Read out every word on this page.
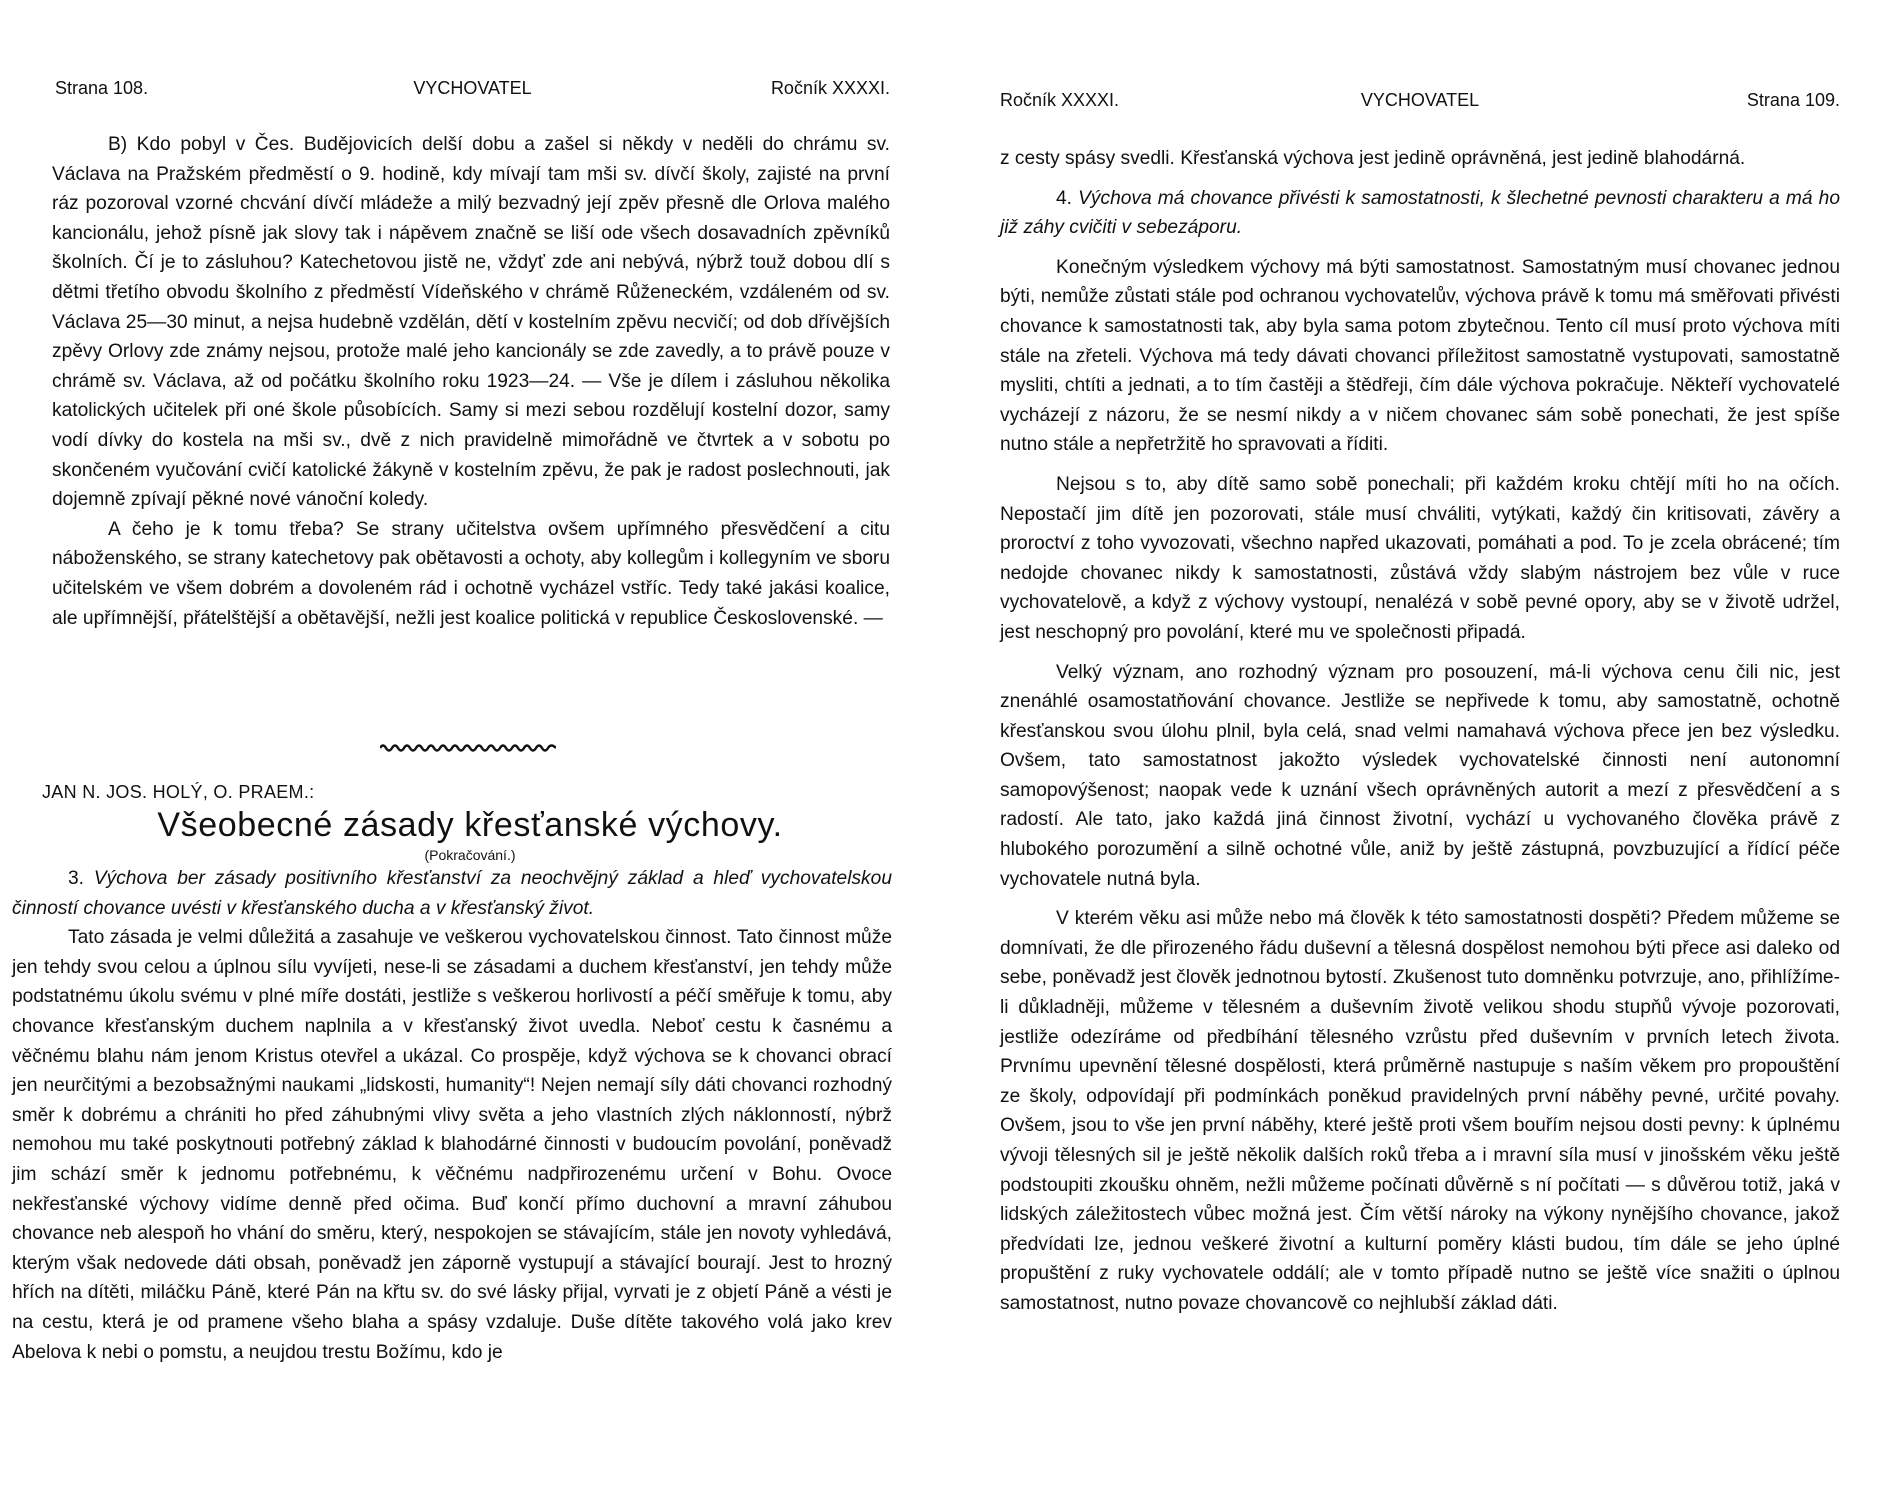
Strana 108.	VYCHOVATEL	Ročník XXXXI.

B) Kdo pobyl v Čes. Budějovicích delší dobu a zašel si někdy v neděli do chrámu sv. Václava na Pražském předměstí o 9. hodině, kdy mívají tam mši sv. dívčí školy, zajisté na první ráz pozoroval vzorné chcvání dívčí mládeže a milý bezvadný její zpěv přesně dle Orlova malého kancionálu, jehož písně jak slovy tak i nápěvem značně se liší ode všech dosavadních zpěvníků školních. Čí je to zásluhou? Katechetovou jistě ne, vždyť zde ani nebývá, nýbrž touž dobou dlí s dětmi třetího obvodu školního z předměstí Vídeňského v chrámě Růženeckém, vzdáleném od sv. Václava 25—30 minut, a nejsa hudebně vzdělán, dětí v kostelním zpěvu necvičí; od dob dřívějších zpěvy Orlovy zde známy nejsou, protože malé jeho kancionály se zde zavedly, a to právě pouze v chrámě sv. Václava, až od počátku školního roku 1923—24. — Vše je dílem i zásluhou několika katolických učitelek při oné škole působících. Samy si mezi sebou rozdělují kostelní dozor, samy vodí dívky do kostela na mši sv., dvě z nich pravidelně mimořádně ve čtvrtek a v sobotu po skončeném vyučování cvičí katolické žákyně v kostelním zpěvu, že pak je radost poslechnouti, jak dojemně zpívají pěkné nové vánoční koledy.

A čeho je k tomu třeba? Se strany učitelstva ovšem upřímného přesvědčení a citu náboženského, se strany katechetovy pak obětavosti a ochoty, aby kollegům i kollegyním ve sboru učitelském ve všem dobrém a dovoleném rád i ochotně vycházel vstříc. Tedy také jakási koalice, ale upřímnější, přátelštější a obětavější, nežli jest koalice politická v republice Československé. —

JAN N. JOS. HOLÝ, O. PRAEM.:
Všeobecné zásady křesťanské výchovy.
(Pokračování.)

3. Výchova ber zásady positivního křesťanství za neochvějný základ a hleď vychovatelskou činností chovance uvésti v křesťanského ducha a v křesťanský život.

Tato zásada je velmi důležitá a zasahuje ve veškerou vychovatelskou činnost. Tato činnost může jen tehdy svou celou a úplnou sílu vyvíjeti, nese-li se zásadami a duchem křesťanství, jen tehdy může podstatnému úkolu svému v plné míře dostáti, jestliže s veškerou horlivostí a péčí směřuje k tomu, aby chovance křesťanským duchem naplnila a v křesťanský život uvedla. Neboť cestu k časnému a věčnému blahu nám jenom Kristus otevřel a ukázal. Co prospěje, když výchova se k chovanci obrací jen neurčitými a bezobsažnými naukami „lidskosti, humanity“! Nejen nemají síly dáti chovanci rozhodný směr k dobrému a chrániti ho před záhubnými vlivy světa a jeho vlastních zlých náklonností, nýbrž nemohou mu také poskytnouti potřebný základ k blahodárné činnosti v budoucím povolání, poněvadž jim schází směr k jednomu potřebnému, k věčnému nadpřirozenému určení v Bohu. Ovoce nekřesťanské výchovy vidíme denně před očima. Buď končí přímo duchovní a mravní záhubou chovance neb alespoň ho vhání do směru, který, nespokojen se stávajícím, stále jen novoty vyhledává, kterým však nedovede dáti obsah, poněvadž jen záporně vystupují a stávající bourají. Jest to hrozný hřích na dítěti, miláčku Páně, které Pán na křtu sv. do své lásky přijal, vyrvati je z objetí Páně a vésti je na cestu, která je od pramene všeho blaha a spásy vzdaluje. Duše dítěte takového volá jako krev Abelova k nebi o pomstu, a neujdou trestu Božímu, kdo je

Ročník XXXXI.	VYCHOVATEL	Strana 109.

z cesty spásy svedli. Křesťanská výchova jest jedině oprávněná, jest jedině blahodárná.

4. Výchova má chovance přivésti k samostatnosti, k šlechetné pevnosti charakteru a má ho již záhy cvičiti v sebezáporu.

Konečným výsledkem výchovy má býti samostatnost. Samostatným musí chovanec jednou býti, nemůže zůstati stále pod ochranou vychovatelův, výchova právě k tomu má směřovati přivésti chovance k samostatnosti tak, aby byla sama potom zbytečnou. Tento cíl musí proto výchova míti stále na zřeteli. Výchova má tedy dávati chovanci příležitost samostatně vystupovati, samostatně mysliti, chtíti a jednati, a to tím častěji a štědřeji, čím dále výchova pokračuje. Někteří vychovatelé vycházejí z názoru, že se nesmí nikdy a v ničem chovanec sám sobě ponechati, že jest spíše nutno stále a nepřetržitě ho spravovati a říditi.

Nejsou s to, aby dítě samo sobě ponechali; při každém kroku chtějí míti ho na očích. Nepostačí jim dítě jen pozorovati, stále musí chváliti, vytýkati, každý čin kritisovati, závěry a proroctví z toho vyvozovati, všechno napřed ukazovati, pomáhati a pod. To je zcela obrácené; tím nedojde chovanec nikdy k samostatnosti, zůstává vždy slabým nástrojem bez vůle v ruce vychovatelově, a když z výchovy vystoupí, nenalézá v sobě pevné opory, aby se v životě udržel, jest neschopný pro povolání, které mu ve společnosti připadá.

Velký význam, ano rozhodný význam pro posouzení, má-li výchova cenu čili nic, jest znenáhlé osamostatňování chovance. Jestliže se nepřivede k tomu, aby samostatně, ochotně křesťanskou svou úlohu plnil, byla celá, snad velmi namahavá výchova přece jen bez výsledku. Ovšem, tato samostatnost jakožto výsledek vychovatelské činnosti není autonomní samopovýšenost; naopak vede k uznání všech oprávněných autorit a mezí z přesvědčení a s radostí. Ale tato, jako každá jiná činnost životní, vychází u vychovaného člověka právě z hlubokého porozumění a silně ochotné vůle, aniž by ještě zástupná, povzbuzující a řídící péče vychovatele nutná byla.

V kterém věku asi může nebo má člověk k této samostatnosti dospěti? Předem můžeme se domnívati, že dle přirozeného řádu duševní a tělesná dospělost nemohou býti přece asi daleko od sebe, poněvadž jest člověk jednotnou bytostí. Zkušenost tuto domněnku potvrzuje, ano, přihlížíme-li důkladněji, můžeme v tělesném a duševním životě velikou shodu stupňů vývoje pozorovati, jestliže odezíráme od předbíhání tělesného vzrůstu před duševním v prvních letech života. Prvnímu upevnění tělesné dospělosti, která průměrně nastupuje s naším věkem pro propouštění ze školy, odpovídají při podmínkách poněkud pravidelných první náběhy pevné, určité povahy. Ovšem, jsou to vše jen první náběhy, které ještě proti všem bouřím nejsou dosti pevny: k úplnému vývoji tělesných sil je ještě několik dalších roků třeba a i mravní síla musí v jinošském věku ještě podstoupiti zkoušku ohněm, nežli můžeme počínati důvěrně s ní počítati — s důvěrou totiž, jaká v lidských záležitostech vůbec možná jest. Čím větší nároky na výkony nynějšího chovance, jakož předvídati lze, jednou veškeré životní a kulturní poměry klásti budou, tím dále se jeho úplné propuštění z ruky vychovatele oddálí; ale v tomto případě nutno se ještě více snažiti o úplnou samostatnost, nutno povaze chovancově co nejhlubší základ dáti.
